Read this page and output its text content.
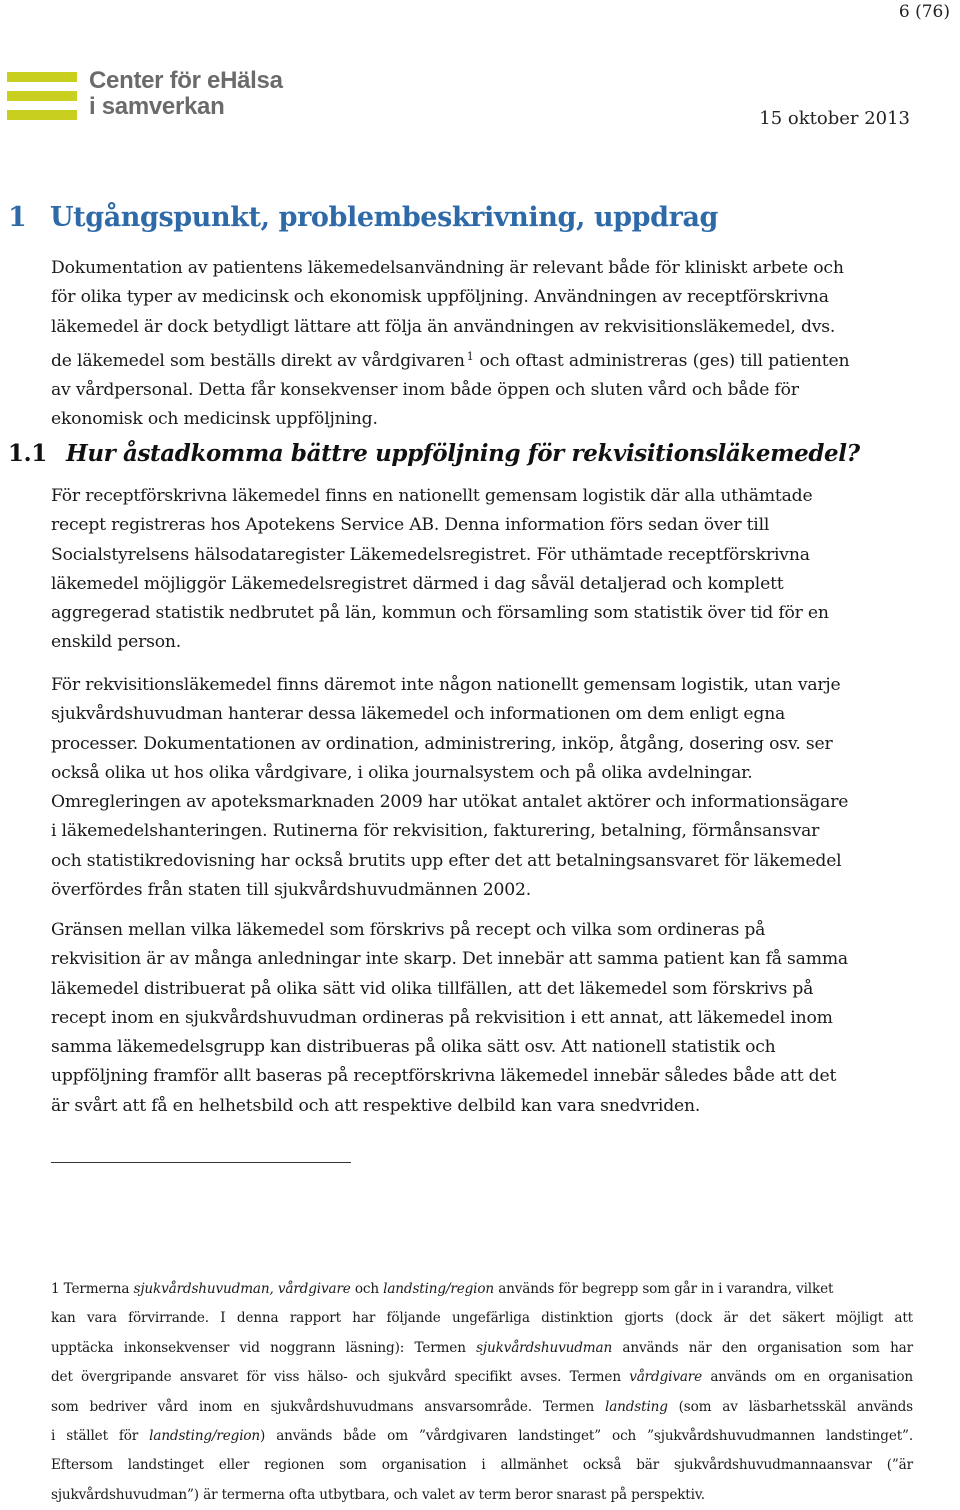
6 (76)
Center för eHälsa
i samverkan	15 oktober 2013
1 Utgångspunkt, problembeskrivning, uppdrag
Dokumentation av patientens läkemedelsanvändning är relevant både för kliniskt arbete och
för olika typer av medicinsk och ekonomisk uppföljning. Användningen av receptförskrivna
läkemedel är dock betydligt lättare att följa än användningen av rekvisitionsläkemedel, dvs.
de läkemedel som beställs direkt av vårdgivaren $^1$ och oftast administreras (ges) till patienten
av vårdpersonal. Detta får konsekvenser inom både öppen och sluten vård och både för
ekonomisk och medicinsk uppföljning.
1.1 Hur åstadkomma bättre uppföljning för rekvisitionsläkemedel?
För receptförskrivna läkemedel finns en nationellt gemensam logistik där alla uthämtade
recept registreras hos Apotekens Service AB. Denna information förs sedan över till
Socialstyrelsens hälsodataregister Läkemedelsregistret. För uthämtade receptförskrivna
läkemedel möjliggör Läkemedelsregistret därmed i dag såväl detaljerad och komplett
aggregerad statistik nedbrutet på län, kommun och församling som statistik över tid för en
enskild person.
För rekvisitionsläkemedel finns däremot inte någon nationellt gemensam logistik, utan varje
sjukvårdshuvudman hanterar dessa läkemedel och informationen om dem enligt egna
processer. Dokumentationen av ordination, administrering, inköp, åtgång, dosering osv. ser
också olika ut hos olika vårdgivare, i olika journalsystem och på olika avdelningar.
Omregleringen av apoteksmarknaden 2009 har utökat antalet aktörer och informationsägare
i läkemedelshanteringen. Rutinerna för rekvisition, fakturering, betalning, förmånsansvar
och statistikredovisning har också brutits upp efter det att betalningsansvaret för läkemedel
överfördes från staten till sjukvårdshuvudmännen 2002.
Gränsen mellan vilka läkemedel som förskrivs på recept och vilka som ordineras på
rekvisition är av många anledningar inte skarp. Det innebär att samma patient kan få samma
läkemedel distribuerat på olika sätt vid olika tillfällen, att det läkemedel som förskrivs på
recept inom en sjukvårdshuvudman ordineras på rekvisition i ett annat, att läkemedel inom
samma läkemedelsgrupp kan distribueras på olika sätt osv. Att nationell statistik och
uppföljning framför allt baseras på receptförskrivna läkemedel innebär således både att det
är svårt att få en helhetsbild och att respektive delbild kan vara snedvriden.
1 Termerna sjukvårdshuvudman, vårdgivare och landsting/region används för begrepp som går in i varandra, vilket
kan vara förvirrande. I denna rapport har följande ungefärliga distinktion gjorts (dock är det säkert möjligt att
upptäcka inkonsekvenser vid noggrann läsning): Termen sjukvårdshuvudman används när den organisation som har
det övergripande ansvaret för viss hälso- och sjukvård specifikt avses. Termen vårdgivare används om en organisation
som bedriver vård inom en sjukvårdshuvudmans ansvarsområde. Termen landsting (som av läsbarhetsskäl används
i stället för landsting/region) används både om ”vårdgivaren landstinget” och ”sjukvårdshuvudmannen landstinget”.
Eftersom landstinget eller regionen som organisation i allmänhet också bär sjukvårdshuvudmannaansvar (”är
sjukvårdshuvudman”) är termerna ofta utbytbara, och valet av term beror snarast på perspektiv.
